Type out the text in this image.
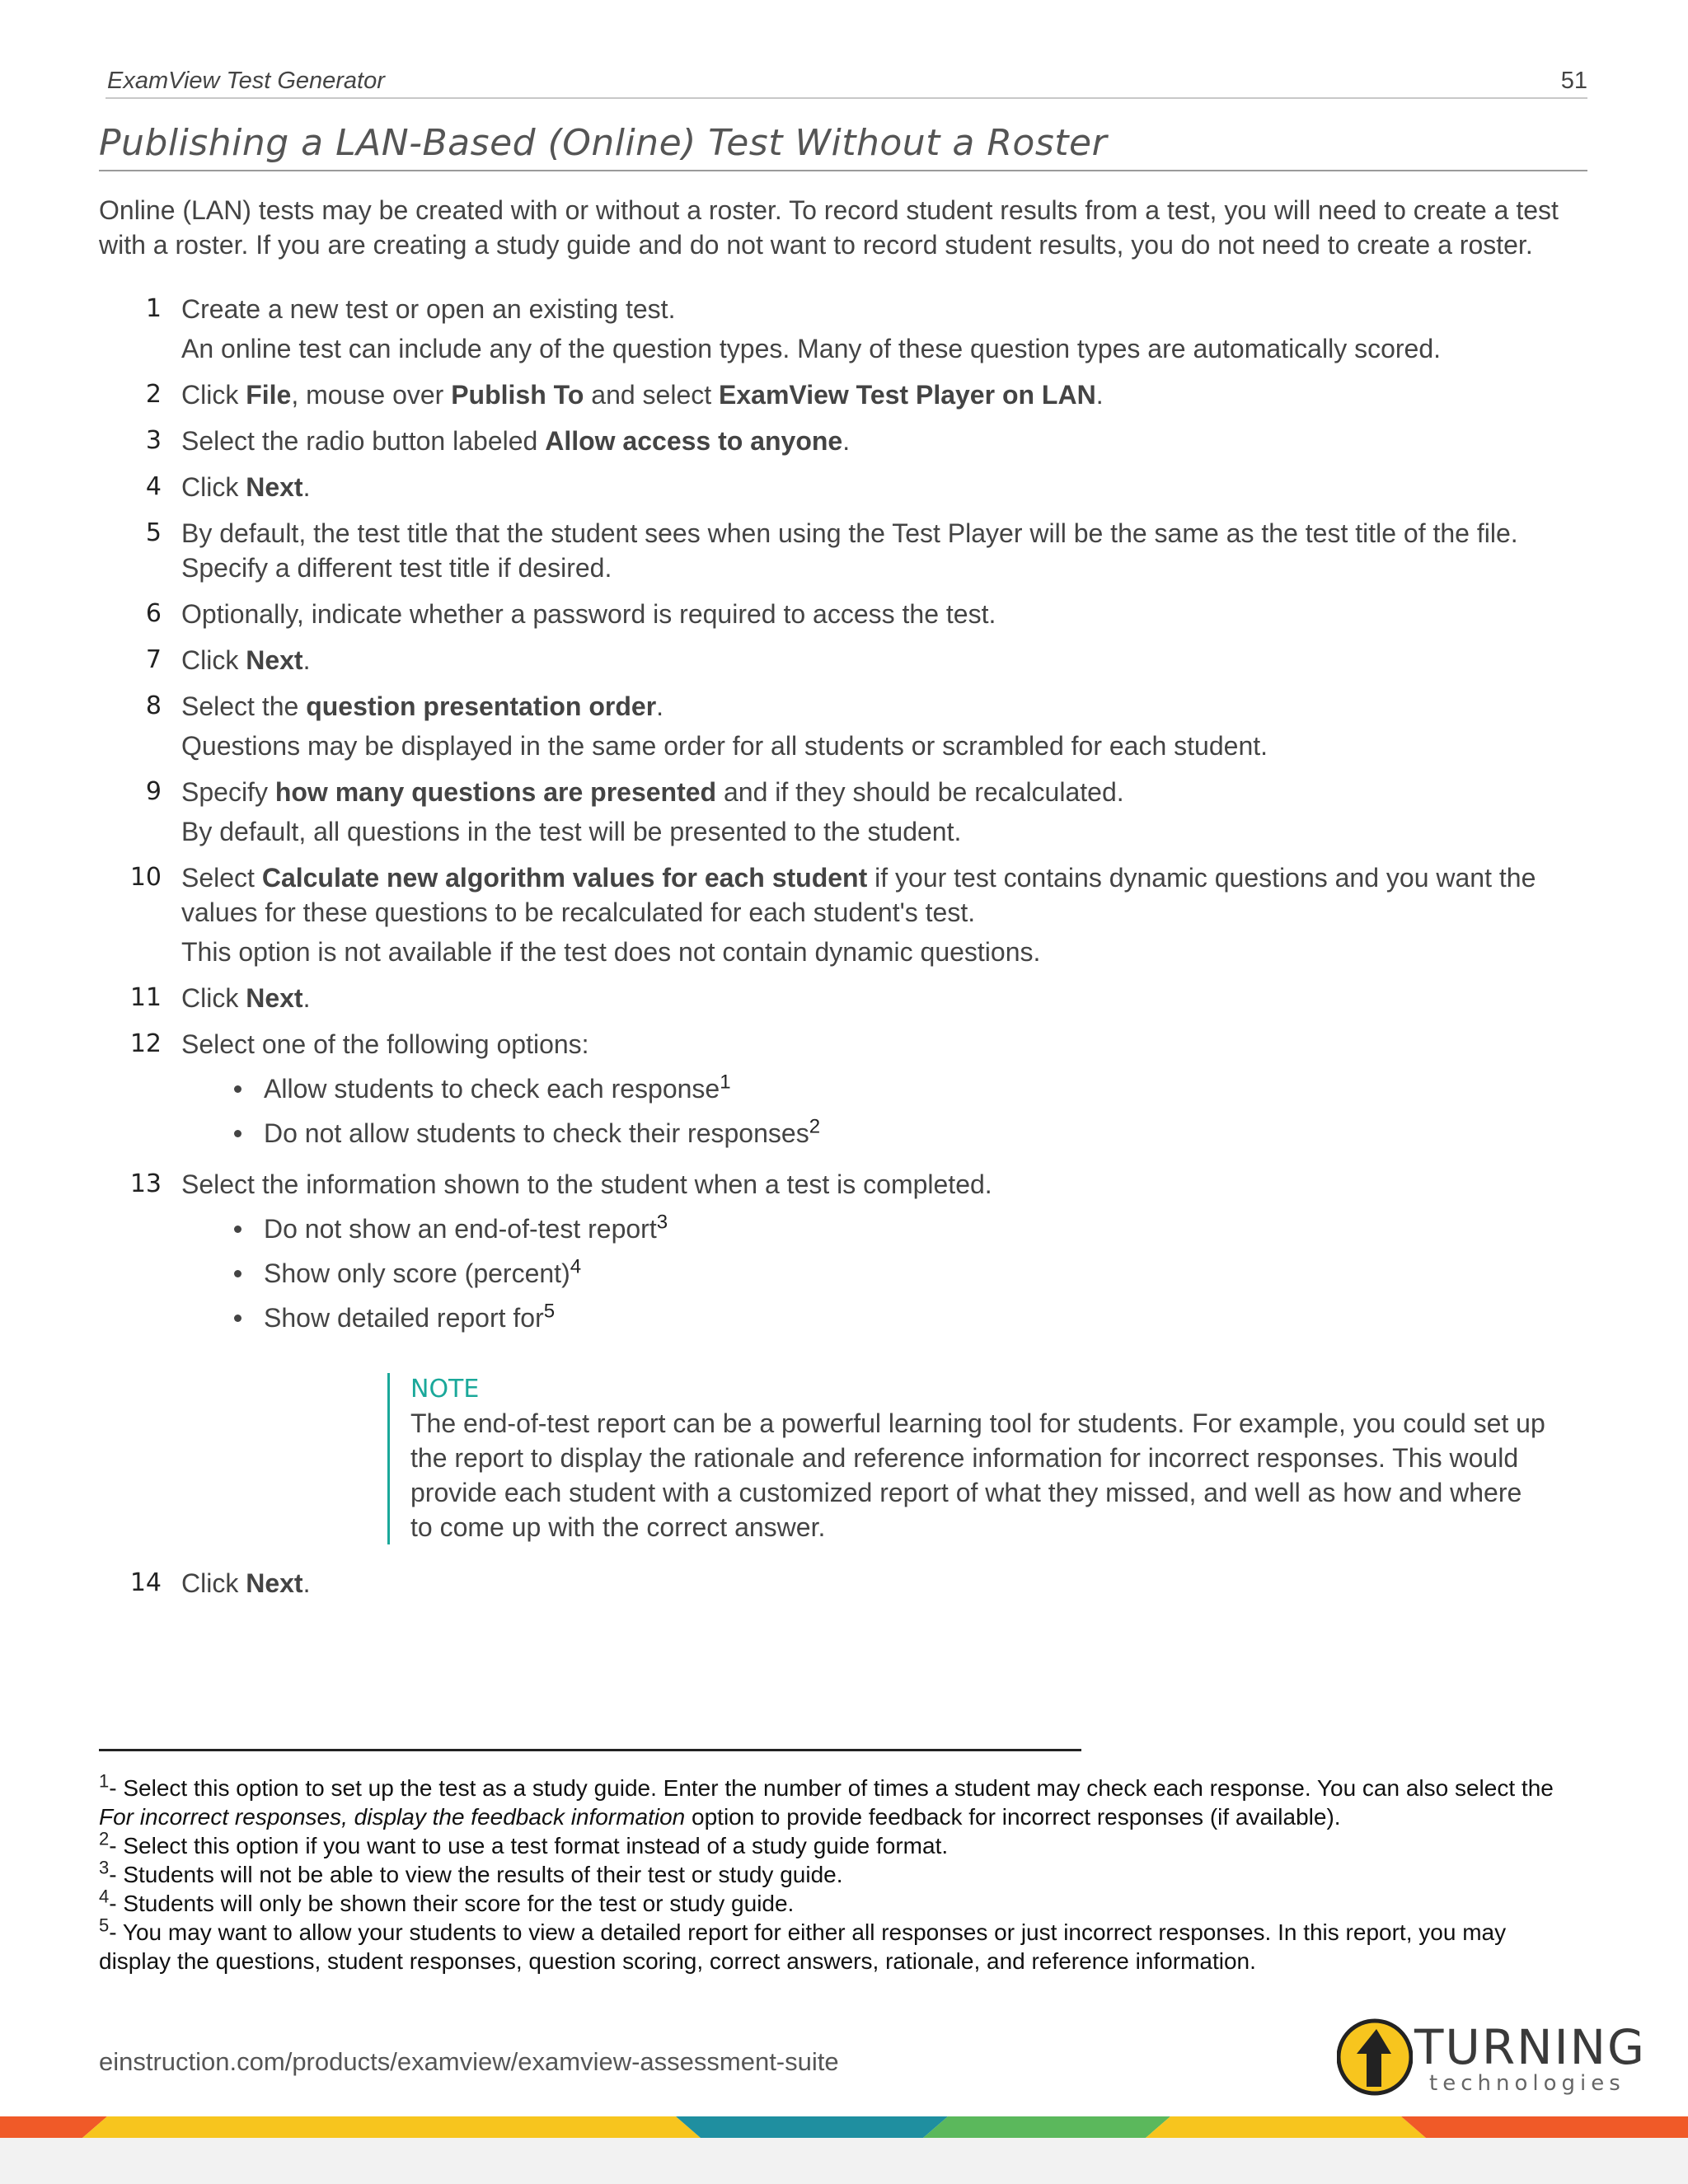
ExamView Test Generator	51
Publishing a LAN-Based (Online) Test Without a Roster

Online (LAN) tests may be created with or without a roster. To record student results from a test, you will need to create a test with a roster. If you are creating a study guide and do not want to record student results, you do not need to create a roster.

1 Create a new test or open an existing test.

An online test can include any of the question types. Many of these question types are automatically scored.

2 Click File, mouse over Publish To and select ExamView Test Player on LAN.

3 Select the radio button labeled Allow access to anyone.

4 Click Next.

5 By default, the test title that the student sees when using the Test Player will be the same as the test title of the file. Specify a different test title if desired.

6 Optionally, indicate whether a password is required to access the test.

7 Click Next.

8 Select the question presentation order.

Questions may be displayed in the same order for all students or scrambled for each student.

9 Specify how many questions are presented and if they should be recalculated.

By default, all questions in the test will be presented to the student.

10 Select Calculate new algorithm values for each student if your test contains dynamic questions and you want the values for these questions to be recalculated for each student's test.

This option is not available if the test does not contain dynamic questions.

11 Click Next.

12 Select one of the following options:

Allow students to check each response$^1$
Do not allow students to check their responses$^2$
13 Select the information shown to the student when a test is completed.

Do not show an end-of-test report$^3$
Show only score (percent)$^4$
Show detailed report for$^5$

NOTE

The end-of-test report can be a powerful learning tool for students. For example, you could set up the report to display the rationale and reference information for incorrect responses. This would provide each student with a customized report of what they missed, and well as how and where to come up with the correct answer.

14 Click Next.

$^1$- Select this option to set up the test as a study guide. Enter the number of times a student may check each response. You can also select the For incorrect responses, display the feedback information option to provide feedback for incorrect responses (if available).

$^2$- Select this option if you want to use a test format instead of a study guide format.

$^3$- Students will not be able to view the results of their test or study guide.

$^4$- Students will only be shown their score for the test or study guide.

$^5$- You may want to allow your students to view a detailed report for either all responses or just incorrect responses. In this report, you may display the questions, student responses, question scoring, correct answers, rationale, and reference information.

einstruction.com/products/examview/examview-assessment-suite	TURNING
technologies
